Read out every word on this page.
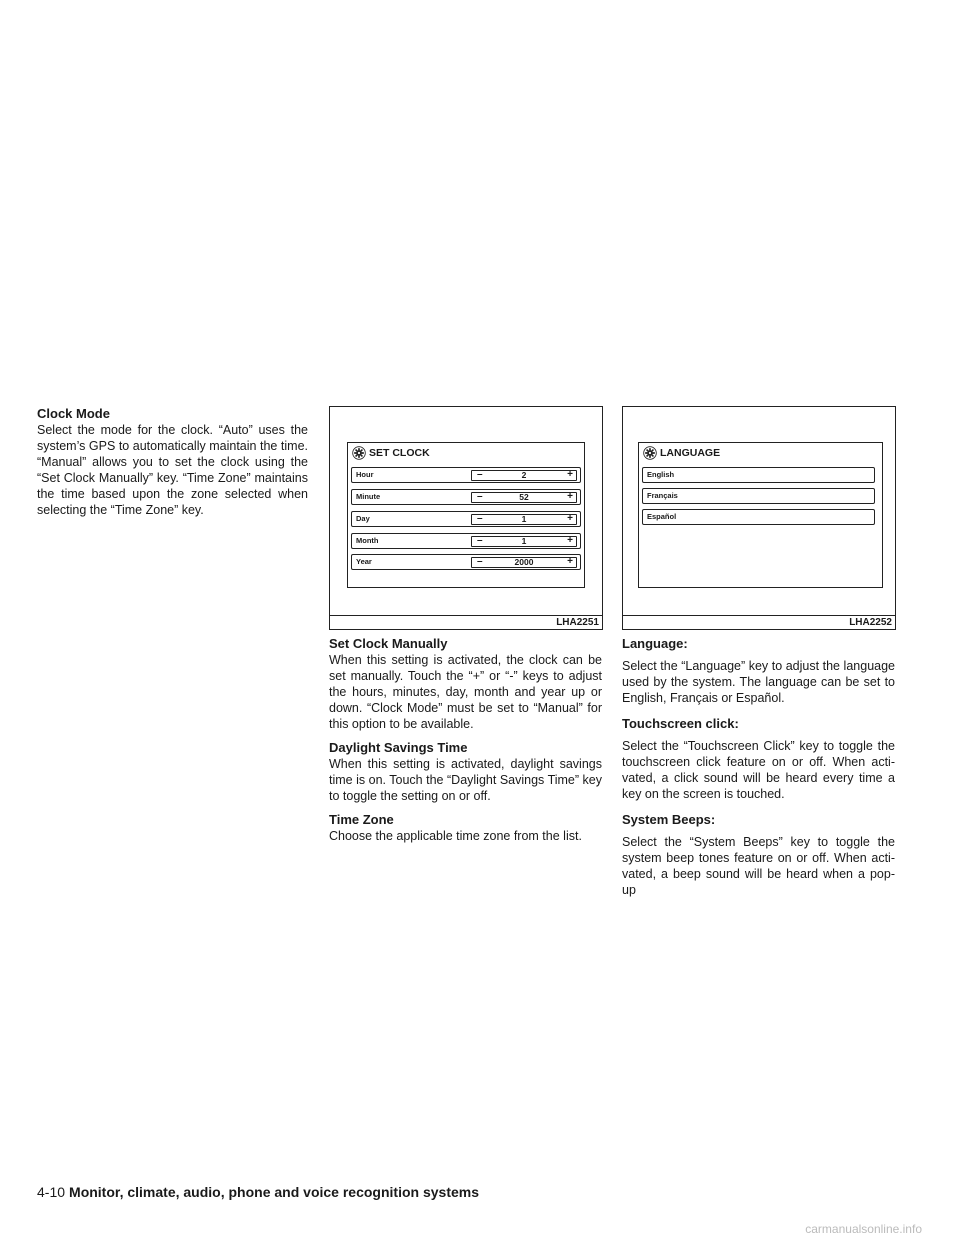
Clock Mode

Select the mode for the clock. “Auto” uses the system’s GPS to automatically maintain the time. “Manual” allows you to set the clock using the “Set Clock Manually” key. “Time Zone” maintains the time based upon the zone selected when selecting the “Time Zone” key.

SET CLOCK
Hour	–	2	+
Minute	–	52	+
Day	–	1	+
Month	–	1	+
Year	–	2000	+
LHA2251
LANGUAGE
English
Français
Español
LHA2252
Set Clock Manually

When this setting is activated, the clock can be set manually. Touch the “+” or “-” keys to adjust the hours, minutes, day, month and year up or down. “Clock Mode” must be set to “Manual” for this option to be available.

Daylight Savings Time

When this setting is activated, daylight savings time is on. Touch the “Daylight Savings Time” key to toggle the setting on or off.

Time Zone

Choose the applicable time zone from the list.

Language:

Select the “Language” key to adjust the language used by the system. The language can be set to English, Français or Español.

Touchscreen click:

Select the “Touchscreen Click” key to toggle the touchscreen click feature on or off. When acti-vated, a click sound will be heard every time a key on the screen is touched.

System Beeps:

Select the “System Beeps” key to toggle the system beep tones feature on or off. When acti-vated, a beep sound will be heard when a pop-up

4-10 Monitor, climate, audio, phone and voice recognition systems
carmanualsonline.info
